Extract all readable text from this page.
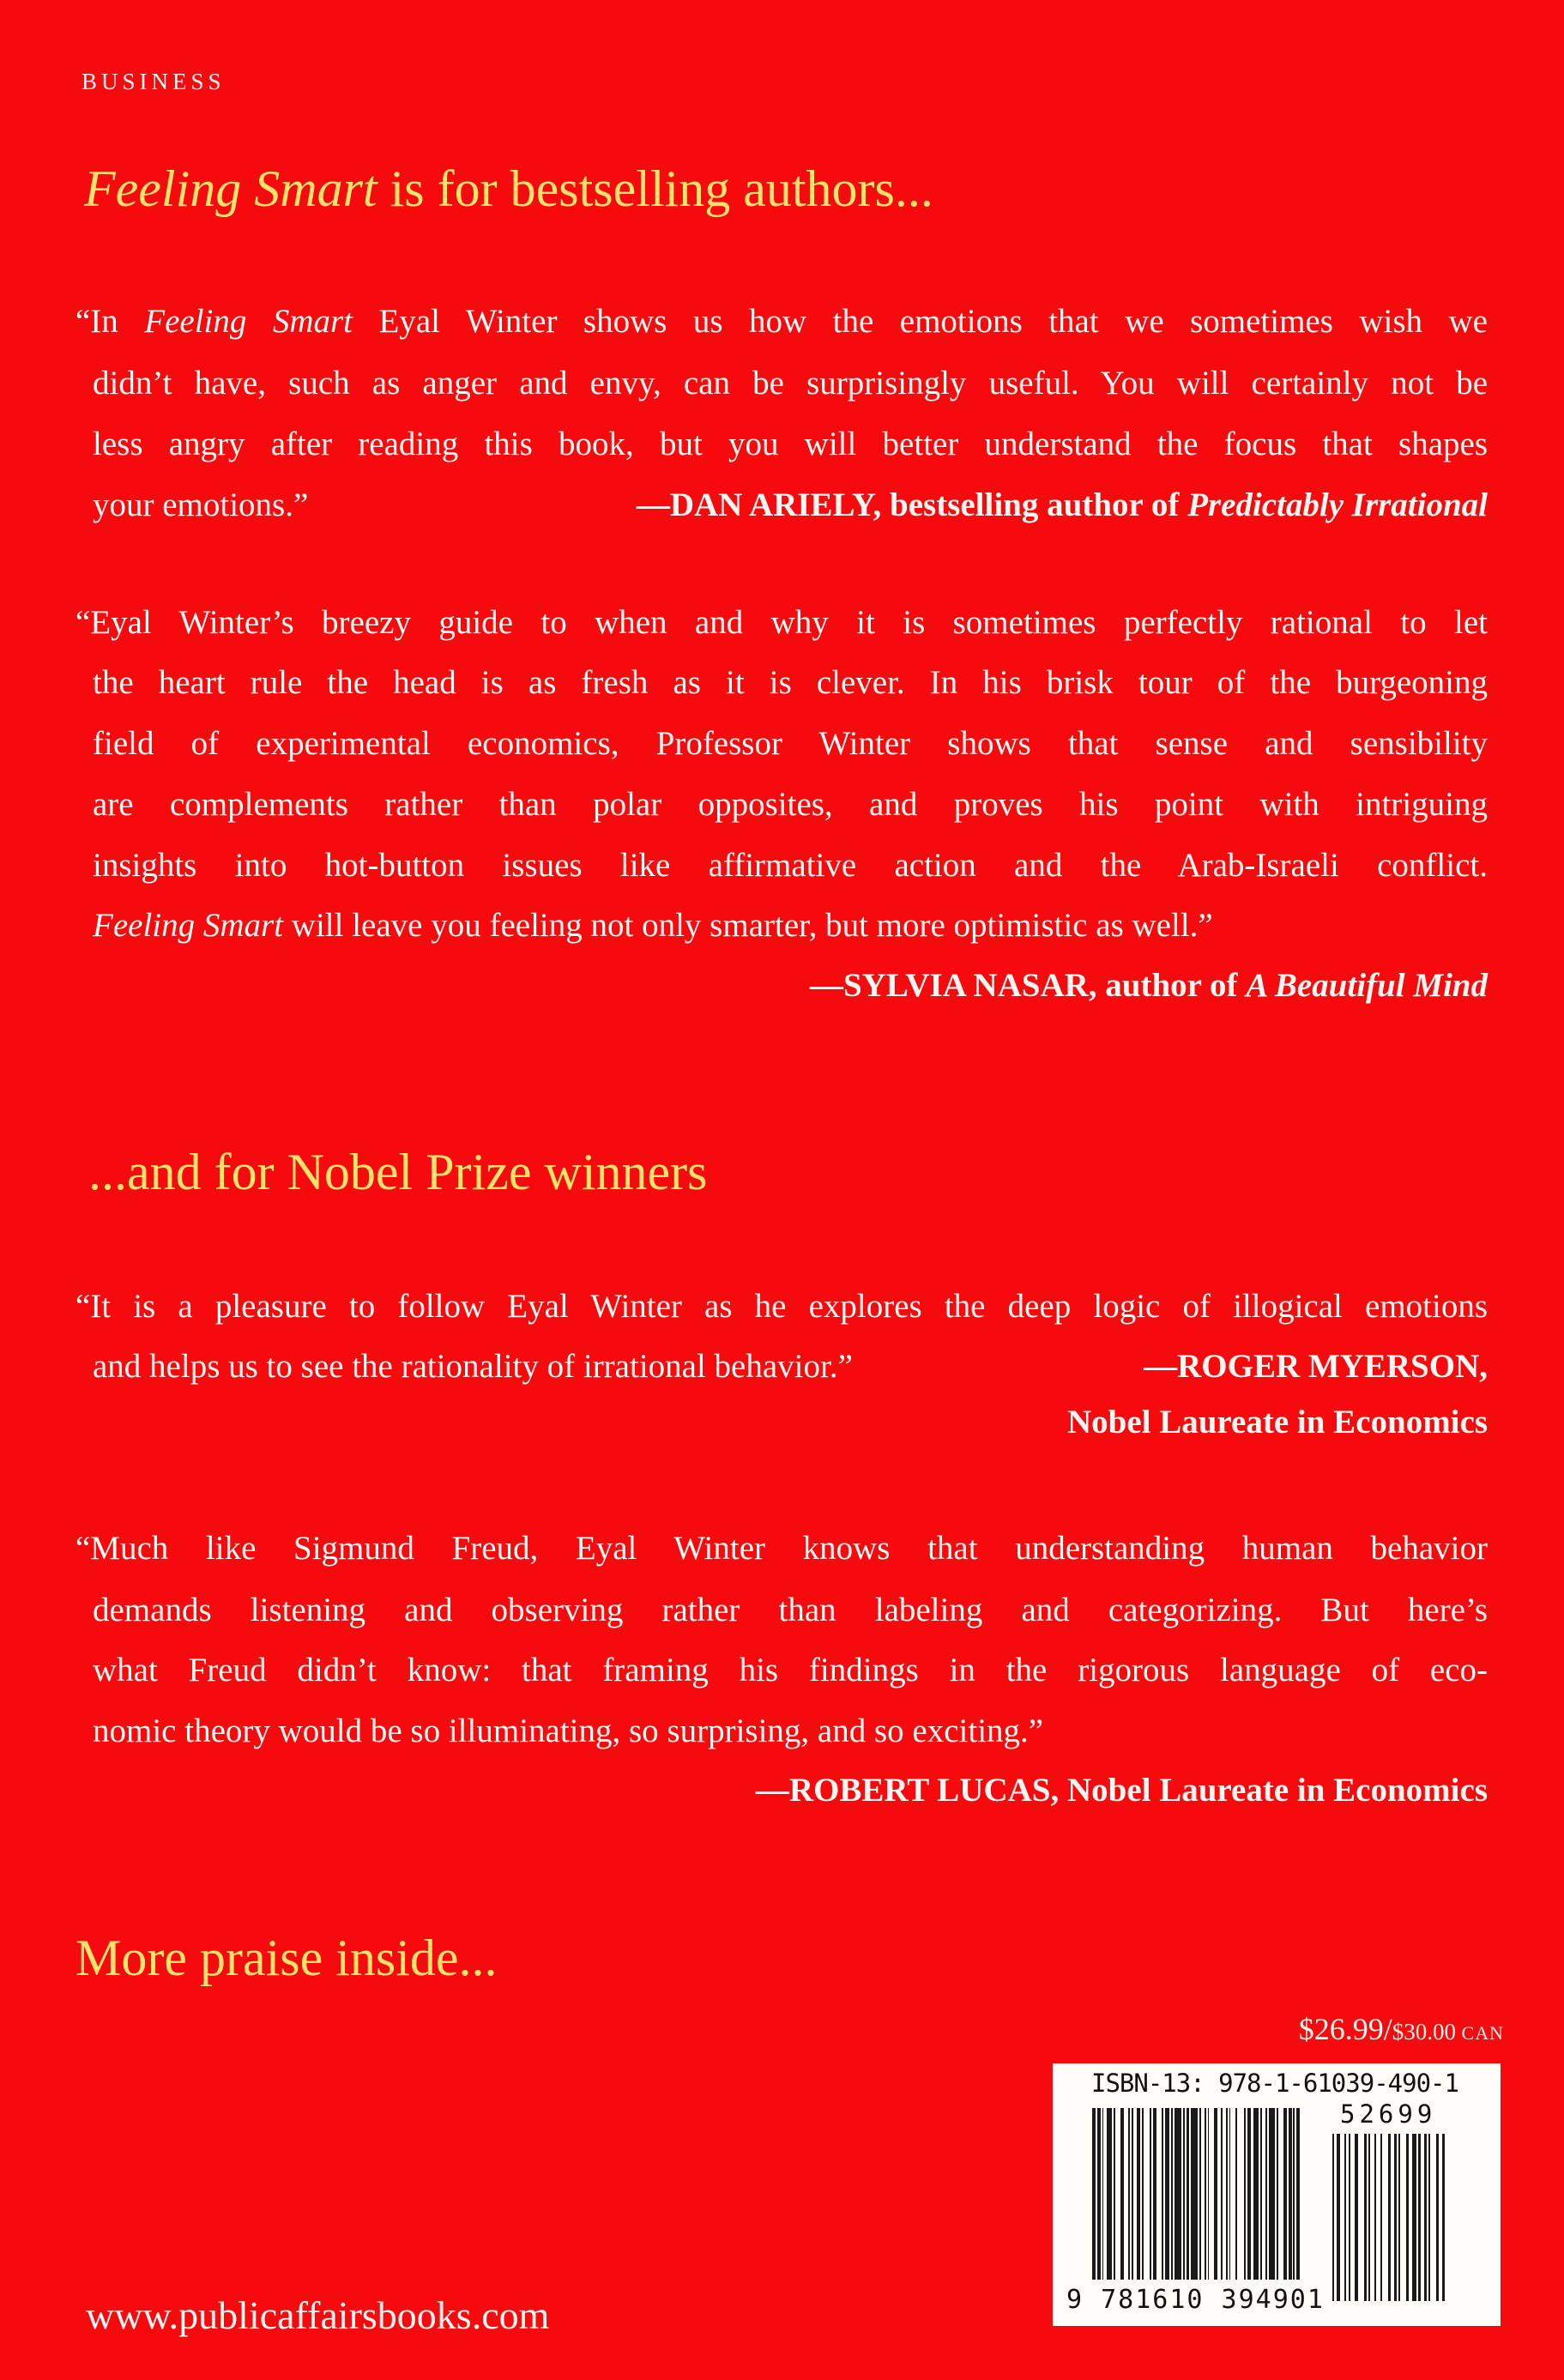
BUSINESS
Feeling Smart is for bestselling authors...
“In Feeling Smart Eyal Winter shows us how the emotions that we sometimes wish we
didn’t have, such as anger and envy, can be surprisingly useful. You will certainly not be
less angry after reading this book, but you will better understand the focus that shapes
your emotions.”	—DAN ARIELY, bestselling author of Predictably Irrational
“Eyal Winter’s breezy guide to when and why it is sometimes perfectly rational to let
the heart rule the head is as fresh as it is clever. In his brisk tour of the burgeoning
field of experimental economics, Professor Winter shows that sense and sensibility
are complements rather than polar opposites, and proves his point with intriguing
insights into hot-button issues like affirmative action and the Arab-Israeli conflict.
Feeling Smart will leave you feeling not only smarter, but more optimistic as well.”
—SYLVIA NASAR, author of A Beautiful Mind
...and for Nobel Prize winners
“It is a pleasure to follow Eyal Winter as he explores the deep logic of illogical emotions
and helps us to see the rationality of irrational behavior.”	—ROGER MYERSON,
Nobel Laureate in Economics
“Much like Sigmund Freud, Eyal Winter knows that understanding human behavior
demands listening and observing rather than labeling and categorizing. But here’s
what Freud didn’t know: that framing his findings in the rigorous language of eco-
nomic theory would be so illuminating, so surprising, and so exciting.”
—ROBERT LUCAS, Nobel Laureate in Economics
More praise inside...
$26.99/$30.00 CAN
ISBN-13: 978-1-61039-490-1
52699
9 781610 394901
www.publicaffairsbooks.com
